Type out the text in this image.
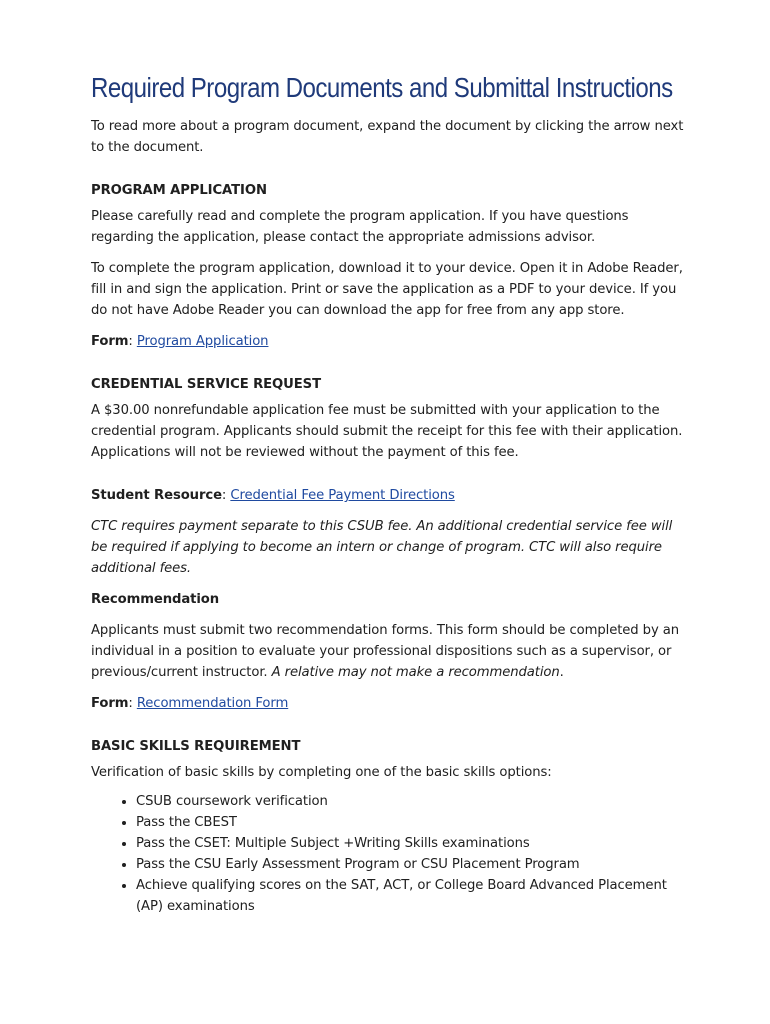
Required Program Documents and Submittal Instructions

To read more about a program document, expand the document by clicking the arrow next to the document.

PROGRAM APPLICATION

Please carefully read and complete the program application. If you have questions regarding the application, please contact the appropriate admissions advisor.

To complete the program application, download it to your device. Open it in Adobe Reader, fill in and sign the application. Print or save the application as a PDF to your device. If you do not have Adobe Reader you can download the app for free from any app store.

Form: Program Application

CREDENTIAL SERVICE REQUEST

A $30.00 nonrefundable application fee must be submitted with your application to the credential program. Applicants should submit the receipt for this fee with their application. Applications will not be reviewed without the payment of this fee.

Student Resource: Credential Fee Payment Directions

CTC requires payment separate to this CSUB fee. An additional credential service fee will be required if applying to become an intern or change of program. CTC will also require additional fees.

Recommendation

Applicants must submit two recommendation forms. This form should be completed by an individual in a position to evaluate your professional dispositions such as a supervisor, or previous/current instructor. A relative may not make a recommendation.

Form: Recommendation Form

BASIC SKILLS REQUIREMENT

Verification of basic skills by completing one of the basic skills options:

• CSUB coursework verification
• Pass the CBEST
• Pass the CSET: Multiple Subject +Writing Skills examinations
• Pass the CSU Early Assessment Program or CSU Placement Program
• Achieve qualifying scores on the SAT, ACT, or College Board Advanced Placement (AP) examinations
